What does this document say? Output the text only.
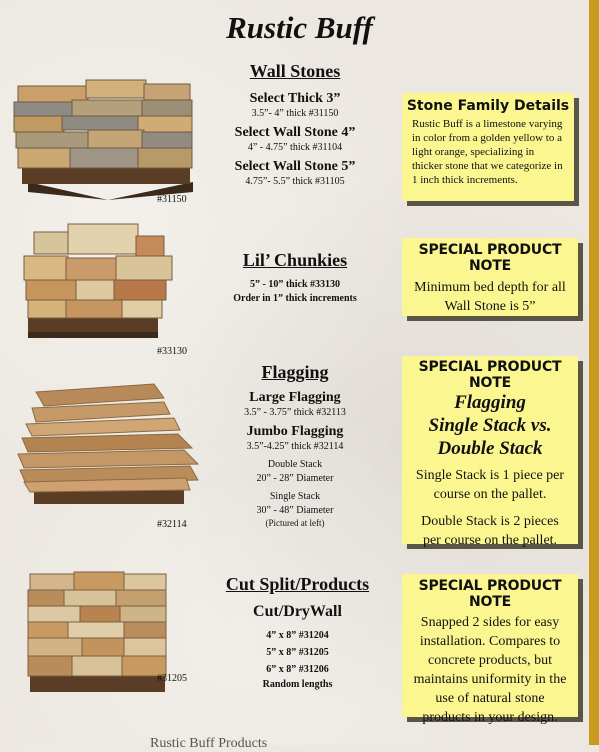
Rustic Buff
#31150
#33130
#32114
#31205
Wall Stones
Select Thick 3”
3.5”- 4” thick #31150
Select Wall Stone 4”
4” - 4.75” thick #31104
Select Wall Stone 5”
4.75”- 5.5” thick #31105
Stone Family Details
Rustic Buff is a limestone varying in color from a golden yellow to a light orange, specializing in thicker stone that we categorize in 1 inch thick increments.
Lil’ Chunkies
5” - 10” thick #33130
Order in 1” thick increments
SPECIAL PRODUCT NOTE
Minimum bed depth for all Wall Stone is 5”
Flagging
Large Flagging
3.5” - 3.75” thick #32113
Jumbo Flagging
3.5”-4.25” thick #32114
Double Stack
20” - 28” Diameter
Single Stack
30” - 48” Diameter
(Pictured at left)
SPECIAL PRODUCT NOTE
Flagging
Single Stack vs.
Double Stack
Single Stack is 1 piece per course on the pallet.
Double Stack is 2 pieces per course on the pallet.
Cut Split/Products
Cut/DryWall
4” x 8” #31204
5” x 8” #31205
6” x 8” #31206
Random lengths
SPECIAL PRODUCT NOTE
Snapped 2 sides for easy installation. Compares to concrete products, but maintains uniformity in the use of natural stone products in your design.
Rustic Buff Products
